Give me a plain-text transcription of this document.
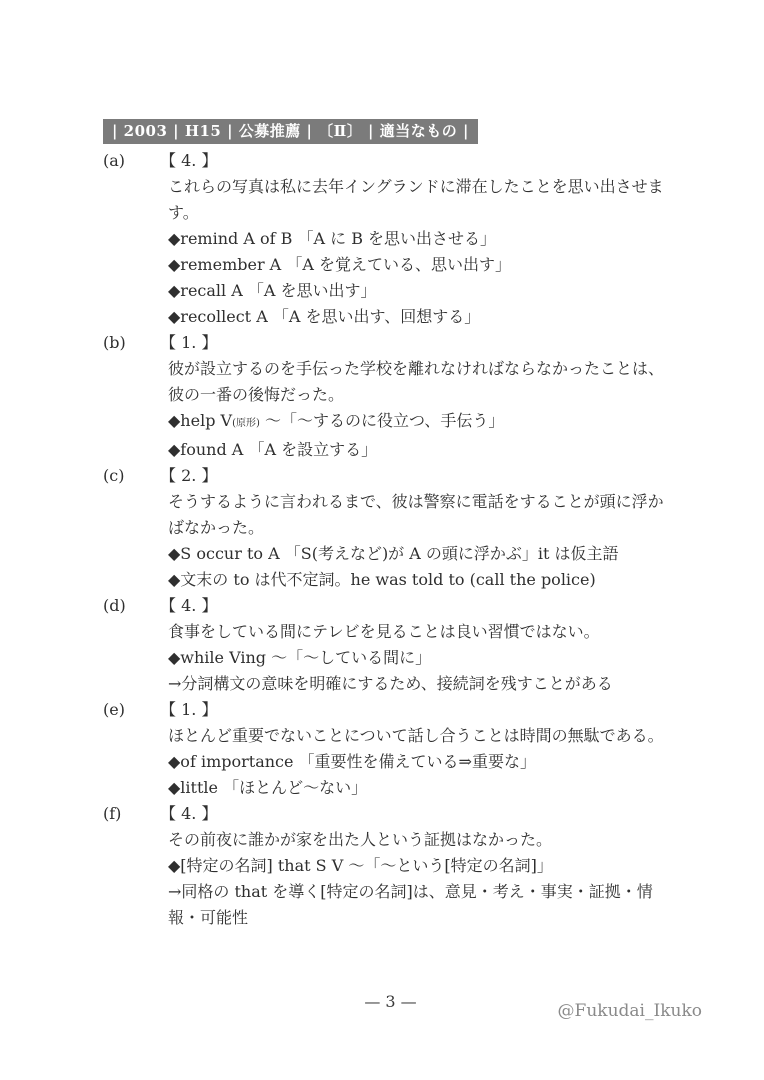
| 2003 | H15 | 公募推薦 | 〔Ⅱ〕 | 適当なもの |
(a)	【 4. 】

これらの写真は私に去年イングランドに滞在したことを思い出させます。

◆remind A of B 「A に B を思い出させる」

◆remember A 「A を覚えている、思い出す」

◆recall A 「A を思い出す」

◆recollect A 「A を思い出す、回想する」

(b)	【 1. 】

彼が設立するのを手伝った学校を離れなければならなかったことは、彼の一番の後悔だった。

◆help V(原形) ～「～するのに役立つ、手伝う」

◆found A 「A を設立する」

(c)	【 2. 】

そうするように言われるまで、彼は警察に電話をすることが頭に浮かばなかった。

◆S occur to A 「S(考えなど)が A の頭に浮かぶ」it は仮主語

◆文末の to は代不定詞。he was told to (call the police)

(d)	【 4. 】

食事をしている間にテレビを見ることは良い習慣ではない。

◆while Ving ～「～している間に」

→分詞構文の意味を明確にするため、接続詞を残すことがある

(e)	【 1. 】

ほとんど重要でないことについて話し合うことは時間の無駄である。

◆of importance 「重要性を備えている⇒重要な」

◆little 「ほとんど～ない」

(f)	【 4. 】

その前夜に誰かが家を出た人という証拠はなかった。

◆[特定の名詞] that S V ～「～という[特定の名詞]」

→同格の that を導く[特定の名詞]は、意見・考え・事実・証拠・情報・可能性

— 3 —	@Fukudai_Ikuko
